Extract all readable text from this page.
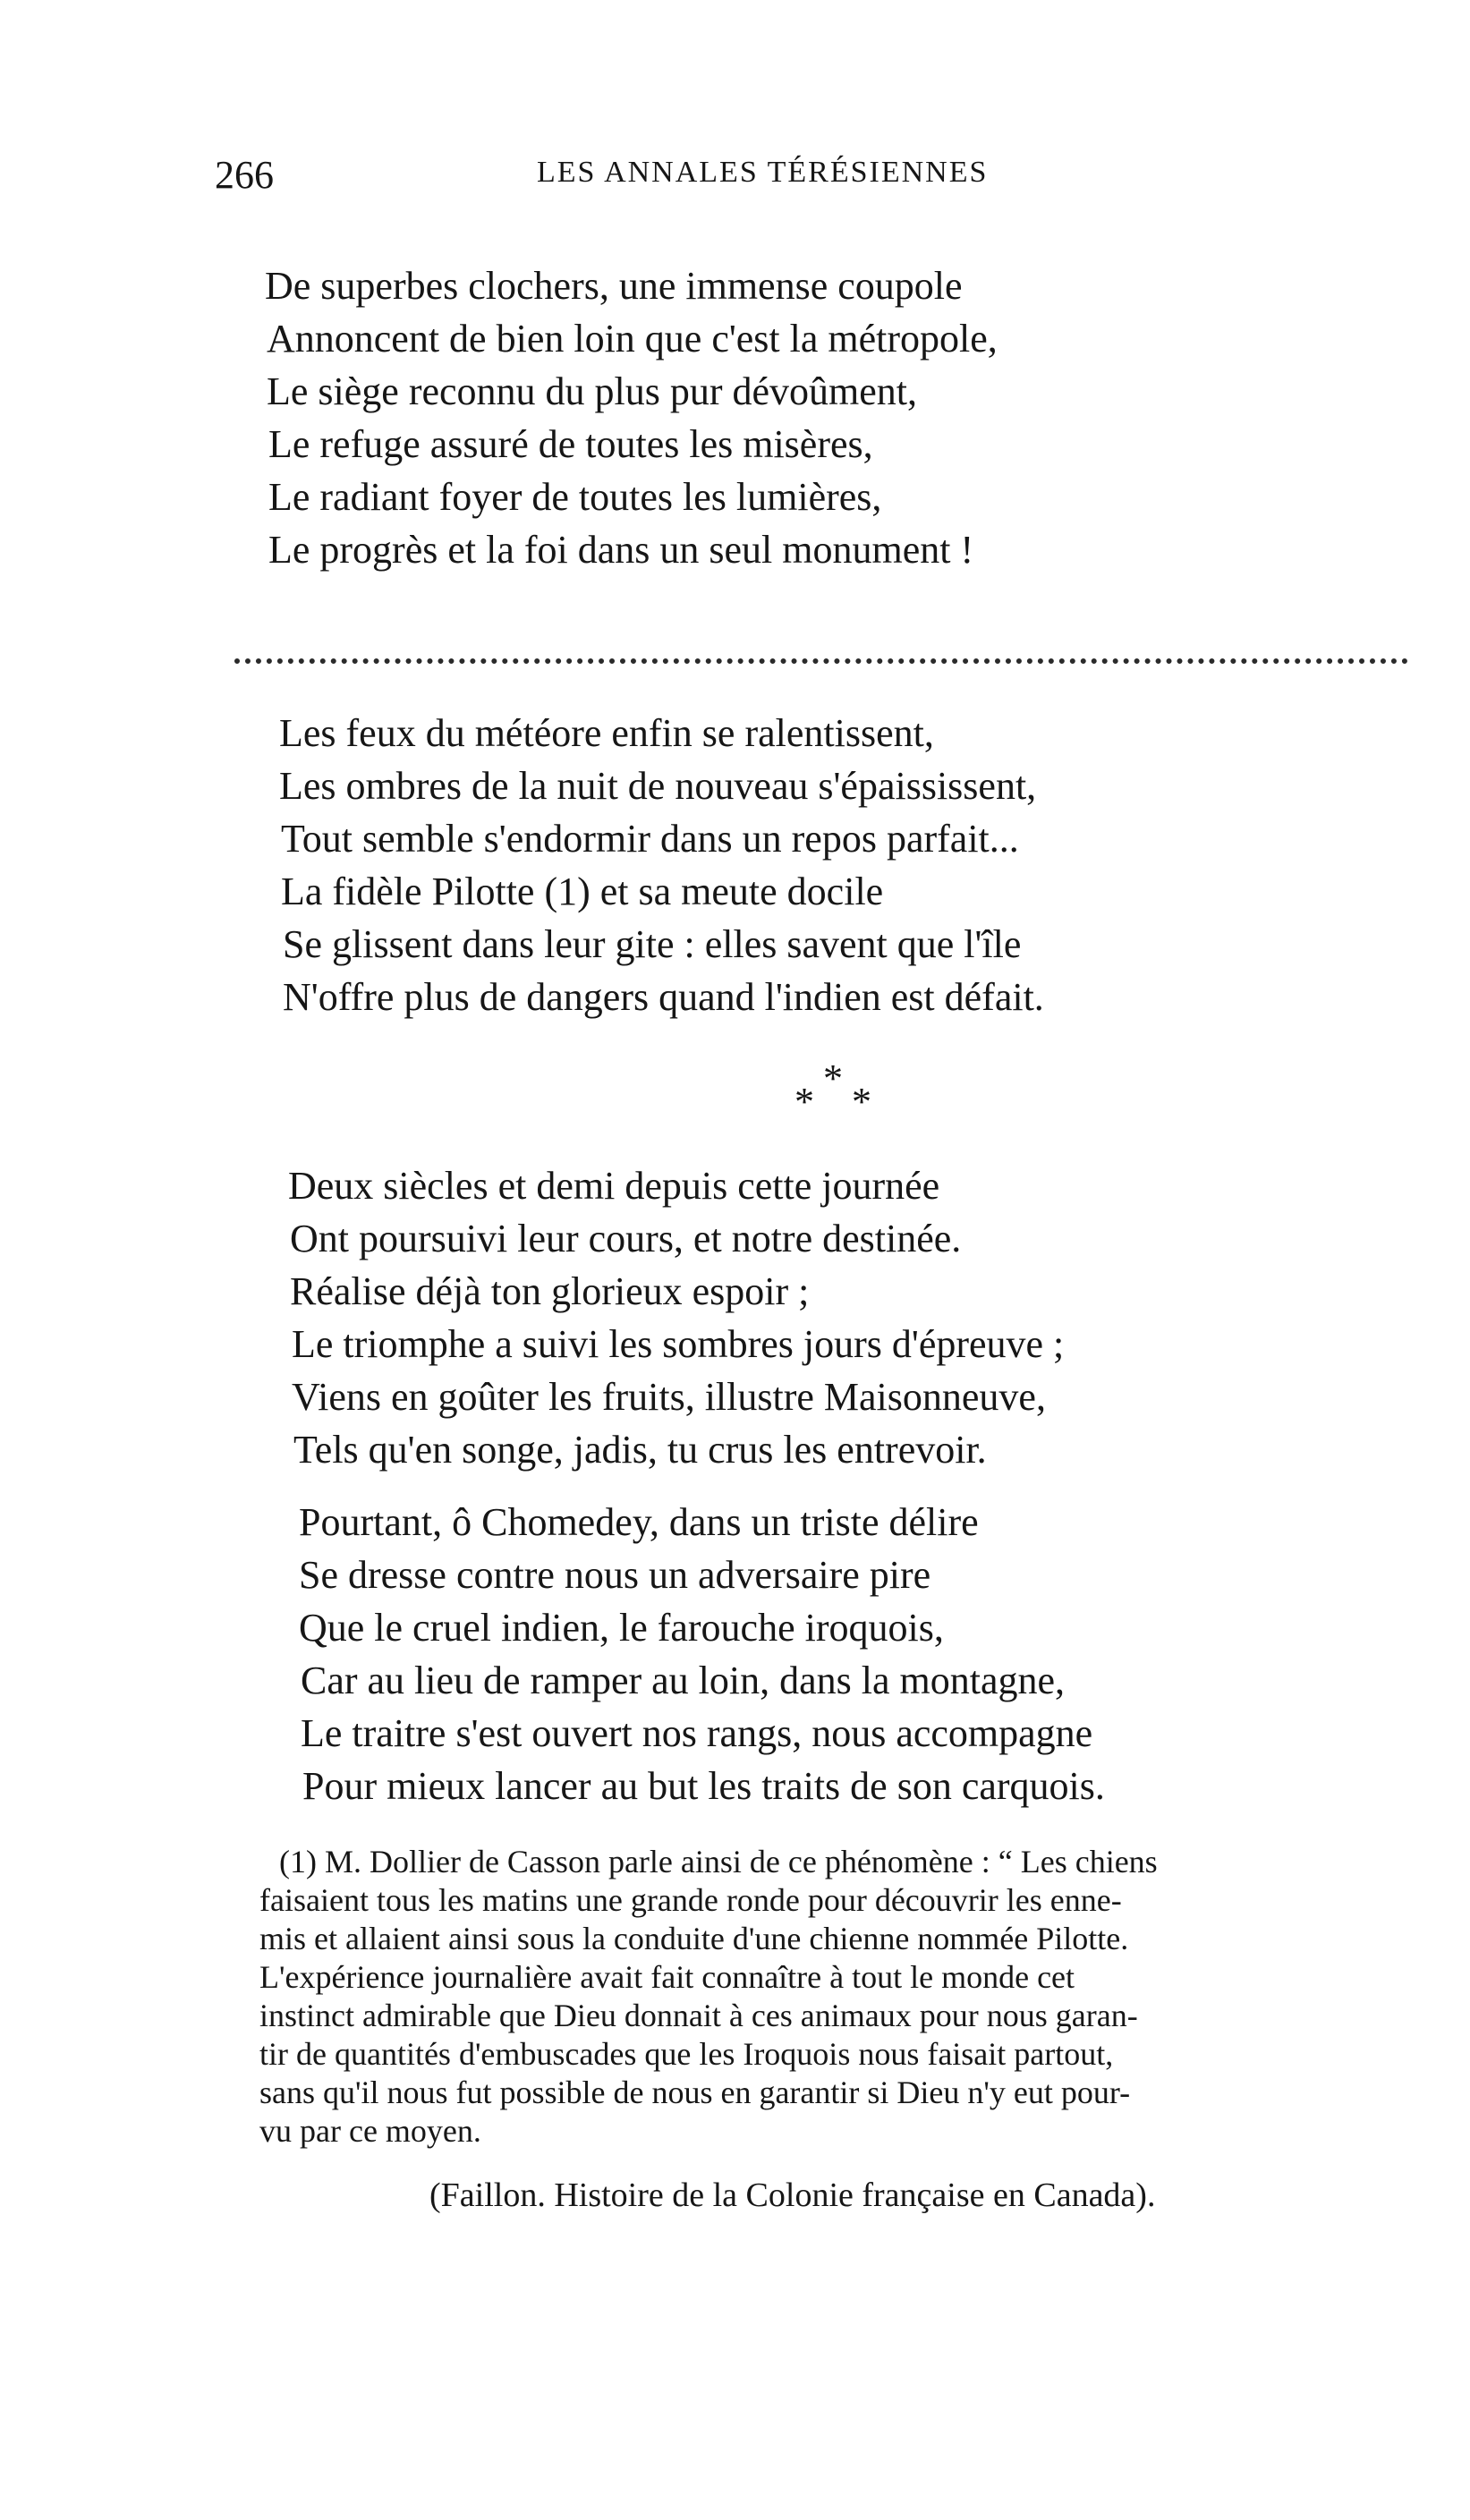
266	LES ANNALES TÉRÉSIENNES
De superbes clochers, une immense coupole
Annoncent de bien loin que c'est la métropole,
Le siège reconnu du plus pur dévoûment,
Le refuge assuré de toutes les misères,
Le radiant foyer de toutes les lumières,
Le progrès et la foi dans un seul monument !
Les feux du météore enfin se ralentissent,
Les ombres de la nuit de nouveau s'épaississent,
Tout semble s'endormir dans un repos parfait...
La fidèle Pilotte (1) et sa meute docile
Se glissent dans leur gite : elles savent que l'île
N'offre plus de dangers quand l'indien est défait.
*
* *
Deux siècles et demi depuis cette journée
Ont poursuivi leur cours, et notre destinée.
Réalise déjà ton glorieux espoir ;
Le triomphe a suivi les sombres jours d'épreuve ;
Viens en goûter les fruits, illustre Maisonneuve,
Tels qu'en songe, jadis, tu crus les entrevoir.
Pourtant, ô Chomedey, dans un triste délire
Se dresse contre nous un adversaire pire
Que le cruel indien, le farouche iroquois,
Car au lieu de ramper au loin, dans la montagne,
Le traitre s'est ouvert nos rangs, nous accompagne
Pour mieux lancer au but les traits de son carquois.

(1) M. Dollier de Casson parle ainsi de ce phénomène : “ Les chiens
faisaient tous les matins une grande ronde pour découvrir les enne-
mis et allaient ainsi sous la conduite d'une chienne nommée Pilotte.
L'expérience journalière avait fait connaître à tout le monde cet
instinct admirable que Dieu donnait à ces animaux pour nous garan-
tir de quantités d'embuscades que les Iroquois nous faisait partout,
sans qu'il nous fut possible de nous en garantir si Dieu n'y eut pour-
vu par ce moyen.

(Faillon. Histoire de la Colonie française en Canada).
